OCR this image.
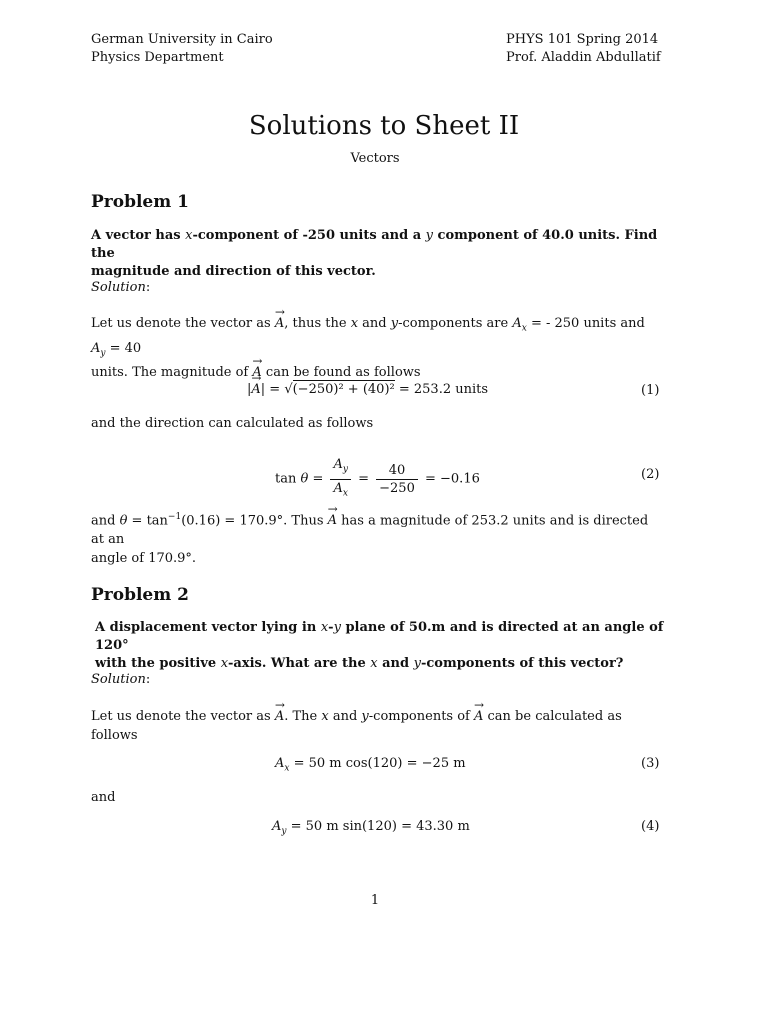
German University in Cairo
Physics Department
PHYS 101 Spring 2014
Prof. Aladdin Abdullatif
Solutions to Sheet II
Vectors
Problem 1
A vector has x-component of -250 units and a y component of 40.0 units. Find the
magnitude and direction of this vector.
Solution:
Let us denote the vector as → A, thus the x and y-components are $A_x$ = - 250 units and $A_y = 40$
units. The magnitude of → A can be found as follows
|→ A| = √(−250)² + (40)² = 253.2 units	(1)
and the direction can calculated as follows
$\tan \theta = \frac{A_y}{A_x} = \frac{40}{-250} = -0.16$	(2)
and $\theta = \tan^{-1}(0.16) = 170.9^\circ$. Thus → A has a magnitude of 253.2 units and is directed at an
angle of 170.9°.
Problem 2
A displacement vector lying in x-y plane of 50.m and is directed at an angle of 120°
with the positive x-axis. What are the x and y-components of this vector?
Solution:
Let us denote the vector as → A. The x and y-components of → A can be calculated as follows
$A_x = 50$ m cos(120) = −25 m	(3)
and
$A_y = 50$ m sin(120) = 43.30 m	(4)
1
